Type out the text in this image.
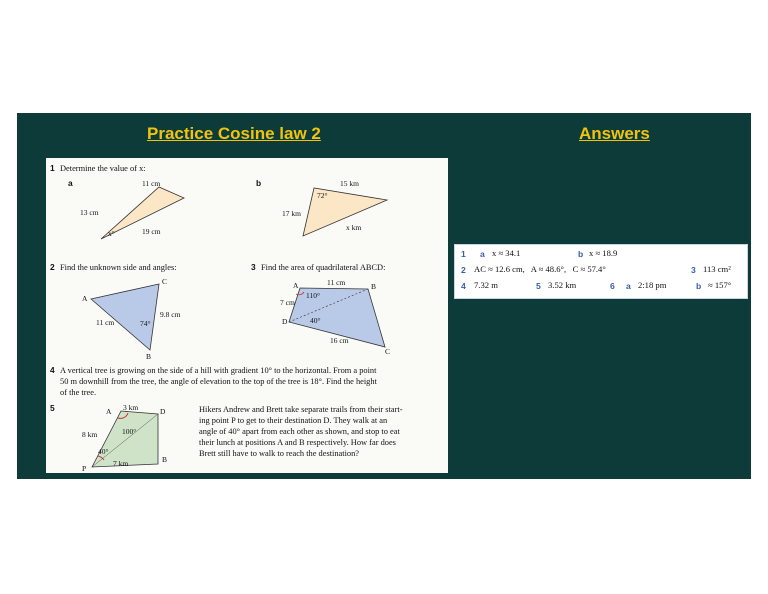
Practice Cosine law 2	Answers
1 Determine the value of x:
a	b
11 cm
13 cm
19 cm
x°
15 km
17 km
x km
72°
2 Find the unknown side and angles:
A
C
B
11 cm
9.8 cm
74°
3 Find the area of quadrilateral ABCD:
A	B
C
D
11 cm
7 cm
16 cm
110°
40°
4 A vertical tree is growing on the side of a hill with gradient 10° to the horizontal. From a point
50 m downhill from the tree, the angle of elevation to the top of the tree is 18°. Find the height
of the tree.
5	A	D
P
B
3 km
8 km
7 km
100°
40°
Hikers Andrew and Brett take separate trails from their start-
ing point P to get to their destination D. They walk at an
angle of 40° apart from each other as shown, and stop to eat
their lunch at positions A and B respectively. How far does
Brett still have to walk to reach the destination?
1 a x ≈ 34.1	b x ≈ 18.9
2 AC ≈ 12.6 cm,   A ≈ 48.6°,   C ≈ 57.4°	3 113 cm²
4 7.32 m	5 3.52 km	6 a 2:18 pm	b ≈ 157°
